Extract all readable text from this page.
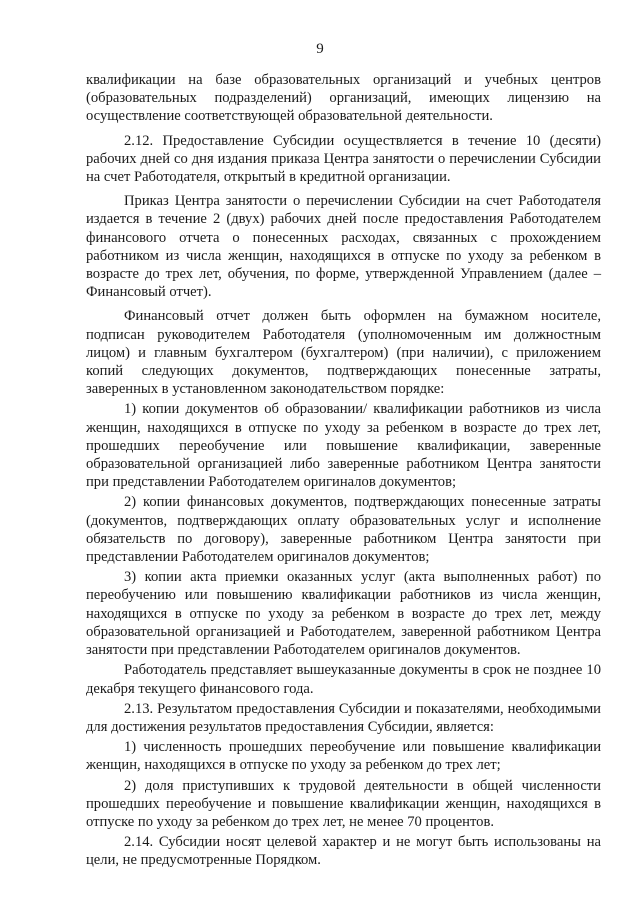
9

квалификации на базе образовательных организаций и учебных центров (образовательных подразделений) организаций, имеющих лицензию на осуществление соответствующей образовательной деятельности.

2.12. Предоставление Субсидии осуществляется в течение 10 (десяти) рабочих дней со дня издания приказа Центра занятости о перечислении Субсидии на счет Работодателя, открытый в кредитной организации.

Приказ Центра занятости о перечислении Субсидии на счет Работодателя издается в течение 2 (двух) рабочих дней после предоставления Работодателем финансового отчета о понесенных расходах, связанных с прохождением работником из числа женщин, находящихся в отпуске по уходу за ребенком в возрасте до трех лет, обучения, по форме, утвержденной Управлением (далее – Финансовый отчет).

Финансовый отчет должен быть оформлен на бумажном носителе, подписан руководителем Работодателя (уполномоченным им должностным лицом) и главным бухгалтером (бухгалтером) (при наличии), с приложением копий следующих документов, подтверждающих понесенные затраты, заверенных в установленном законодательством порядке:

1) копии документов об образовании/ квалификации работников из числа женщин, находящихся в отпуске по уходу за ребенком в возрасте до трех лет, прошедших переобучение или повышение квалификации, заверенные образовательной организацией либо заверенные работником Центра занятости при представлении Работодателем оригиналов документов;

2) копии финансовых документов, подтверждающих понесенные затраты (документов, подтверждающих оплату образовательных услуг и исполнение обязательств по договору), заверенные работником Центра занятости при представлении Работодателем оригиналов документов;

3) копии акта приемки оказанных услуг (акта выполненных работ) по переобучению или повышению квалификации работников из числа женщин, находящихся в отпуске по уходу за ребенком в возрасте до трех лет, между образовательной организацией и Работодателем, заверенной работником Центра занятости при представлении Работодателем оригиналов документов.

Работодатель представляет вышеуказанные документы в срок не позднее 10 декабря текущего финансового года.

2.13. Результатом предоставления Субсидии и показателями, необходимыми для достижения результатов предоставления Субсидии, является:

1) численность прошедших переобучение или повышение квалификации женщин, находящихся в отпуске по уходу за ребенком до трех лет;

2) доля приступивших к трудовой деятельности в общей численности прошедших переобучение и повышение квалификации женщин, находящихся в отпуске по уходу за ребенком до трех лет, не менее 70 процентов.

2.14. Субсидии носят целевой характер и не могут быть использованы на цели, не предусмотренные Порядком.
